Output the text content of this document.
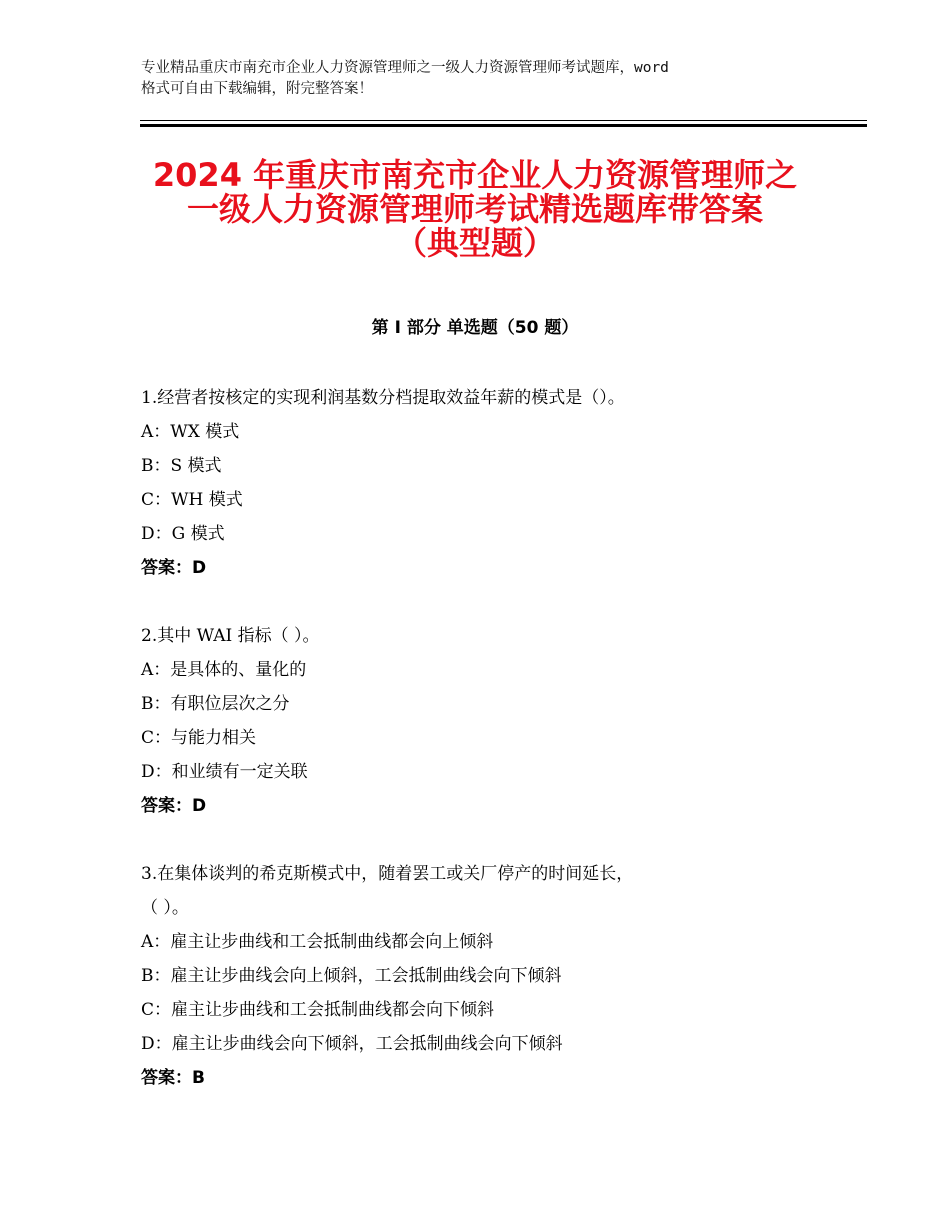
专业精品重庆市南充市企业人力资源管理师之一级人力资源管理师考试题库，word
格式可自由下载编辑，附完整答案！
2024 年重庆市南充市企业人力资源管理师之
一级人力资源管理师考试精选题库带答案
（典型题）
第 I 部分 单选题（50 题）
1.经营者按核定的实现利润基数分档提取效益年薪的模式是（）。
A：WX 模式
B：S 模式
C：WH 模式
D：G 模式
答案：D
2.其中 WAI 指标（ ）。
A：是具体的、量化的
B：有职位层次之分
C：与能力相关
D：和业绩有一定关联
答案：D
3.在集体谈判的希克斯模式中，随着罢工或关厂停产的时间延长，
（ ）。
A：雇主让步曲线和工会抵制曲线都会向上倾斜
B：雇主让步曲线会向上倾斜，工会抵制曲线会向下倾斜
C：雇主让步曲线和工会抵制曲线都会向下倾斜
D：雇主让步曲线会向下倾斜，工会抵制曲线会向下倾斜
答案：B
